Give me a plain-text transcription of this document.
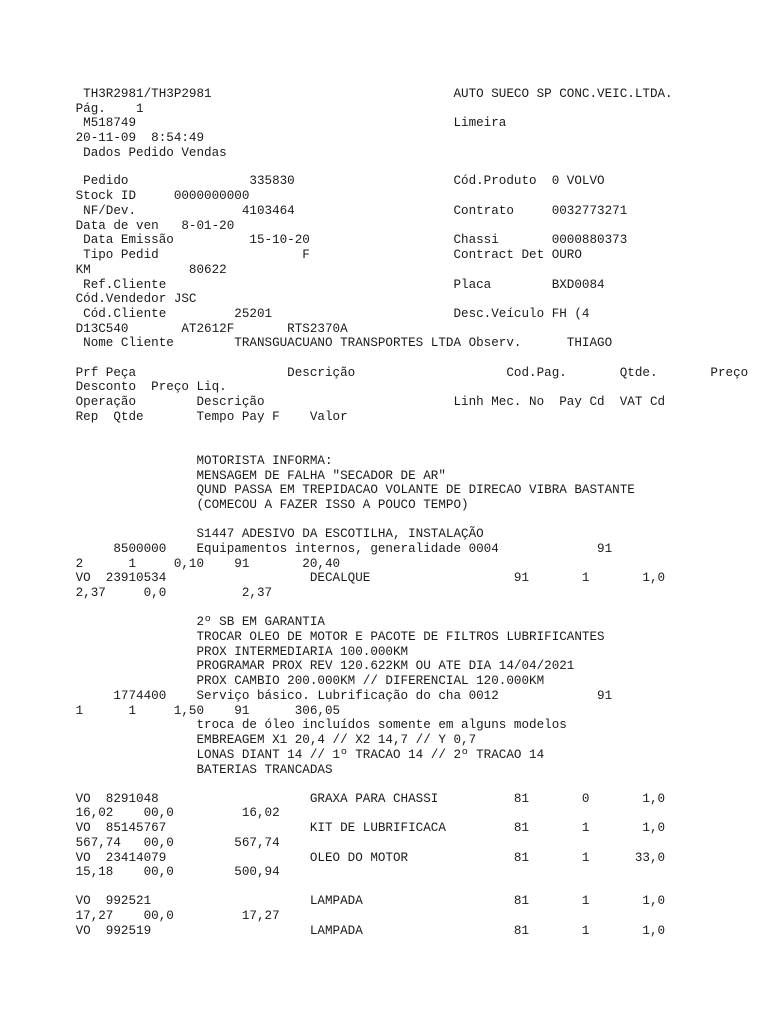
TH3R2981/TH3P2981                                AUTO SUECO SP CONC.VEIC.LTDA.
Pág.    1
M518749                                          Limeira
20-11-09  8:54:49
Dados Pedido Vendas
Pedido                335830                     Cód.Produto  0 VOLVO
Stock ID     0000000000
NF/Dev.              4103464                     Contrato     0032773271
Data de ven   8-01-20
Data Emissão          15-10-20                   Chassi       0000880373
Tipo Pedid                   F                   Contract Det OURO
KM             80622
Ref.Cliente                                      Placa        BXD0084
Cód.Vendedor JSC
Cód.Cliente         25201                        Desc.Veículo FH (4
D13C540       AT2612F       RTS2370A
Nome Cliente        TRANSGUACUANO TRANSPORTES LTDA Observ.      THIAGO
Prf Peça                    Descrição                    Cod.Pag.       Qtde.       Preço
Desconto  Preço Liq.
Operação        Descrição                         Linh Mec. No  Pay Cd  VAT Cd
Rep  Qtde       Tempo Pay F    Valor
MOTORISTA INFORMA:
MENSAGEM DE FALHA "SECADOR DE AR"
QUND PASSA EM TREPIDACAO VOLANTE DE DIRECAO VIBRA BASTANTE
(COMECOU A FAZER ISSO A POUCO TEMPO)
S1447 ADESIVO DA ESCOTILHA, INSTALAÇÃO
8500000    Equipamentos internos, generalidade 0004             91
2      1     0,10    91       20,40
VO  23910534                   DECALQUE                   91       1       1,0
2,37     0,0          2,37
2º SB EM GARANTIA
TROCAR OLEO DE MOTOR E PACOTE DE FILTROS LUBRIFICANTES
PROX INTERMEDIARIA 100.000KM
PROGRAMAR PROX REV 120.622KM OU ATE DIA 14/04/2021
PROX CAMBIO 200.000KM // DIFERENCIAL 120.000KM
1774400    Serviço básico. Lubrificação do cha 0012             91
1      1     1,50    91      306,05
troca de óleo incluídos somente em alguns modelos
EMBREAGEM X1 20,4 // X2 14,7 // Y 0,7
LONAS DIANT 14 // 1º TRACAO 14 // 2º TRACAO 14
BATERIAS TRANCADAS
VO  8291048                    GRAXA PARA CHASSI          81       0       1,0
16,02    00,0         16,02
VO  85145767                   KIT DE LUBRIFICACA         81       1       1,0
567,74   00,0        567,74
VO  23414079                   OLEO DO MOTOR              81       1      33,0
15,18    00,0        500,94
VO  992521                     LAMPADA                    81       1       1,0
17,27    00,0         17,27
VO  992519                     LAMPADA                    81       1       1,0
